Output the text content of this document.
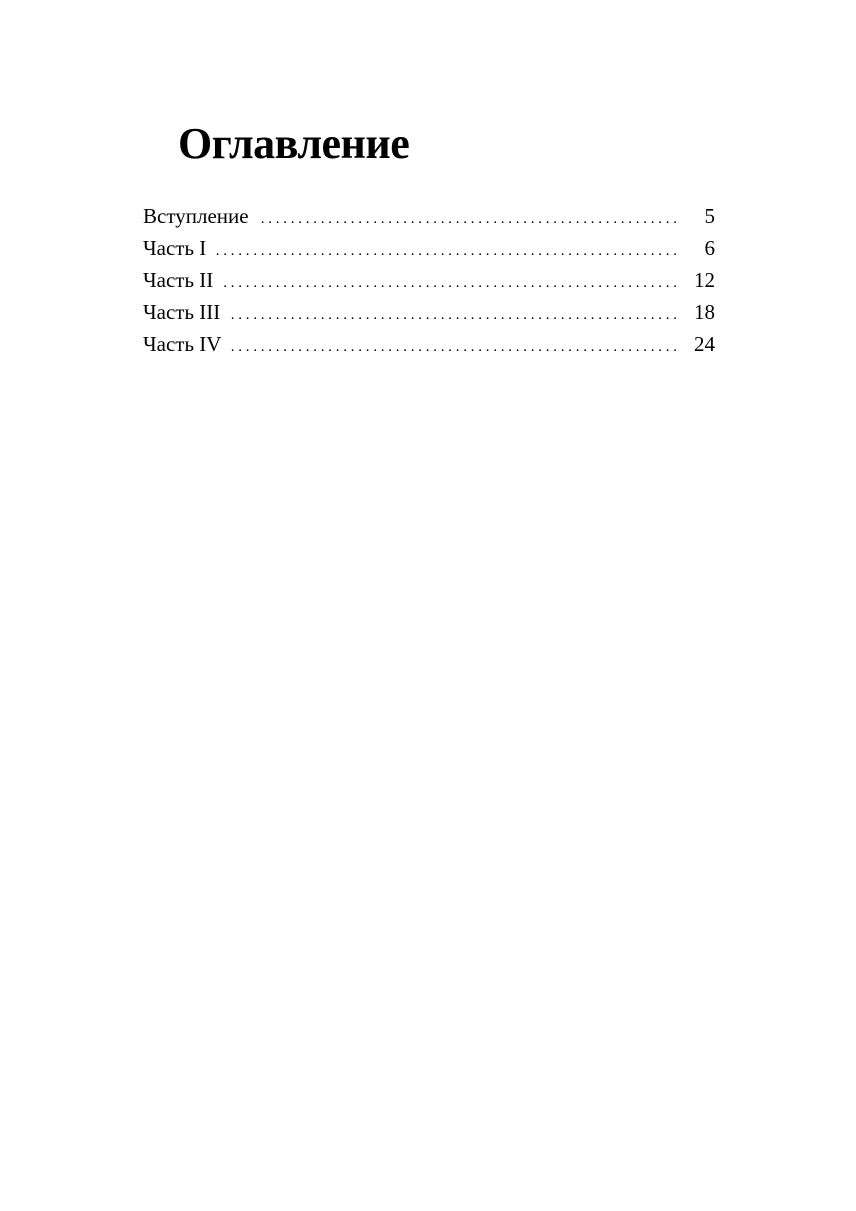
Оглавление
Вступление . . .	5
Часть I . . .	6
Часть II . . .	12
Часть III . . .	18
Часть IV . . .	24
